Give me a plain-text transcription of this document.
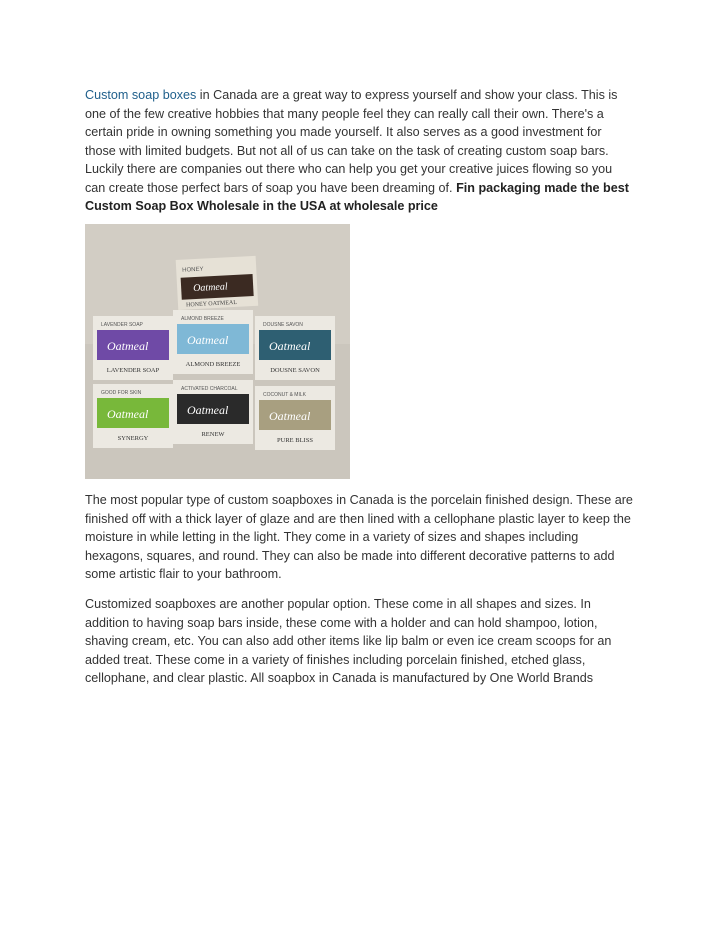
Custom soap boxes in Canada are a great way to express yourself and show your class. This is one of the few creative hobbies that many people feel they can really call their own. There's a certain pride in owning something you made yourself. It also serves as a good investment for those with limited budgets. But not all of us can take on the task of creating custom soap bars. Luckily there are companies out there who can help you get your creative juices flowing so you can create those perfect bars of soap you have been dreaming of. Fin packaging made the best Custom Soap Box Wholesale in the USA at wholesale price

HONEY
Oatmeal
HONEY OATMEAL
LAVENDER SOAP
Oatmeal
LAVENDER SOAP
ALMOND BREEZE
Oatmeal
ALMOND BREEZE
DOUSNE SAVON
Oatmeal
DOUSNE SAVON
GOOD FOR SKIN
Oatmeal
SYNERGY
ACTIVATED CHARCOAL
Oatmeal
RENEW
COCONUT & MILK
Oatmeal
PURE BLISS

The most popular type of custom soapboxes in Canada is the porcelain finished design. These are finished off with a thick layer of glaze and are then lined with a cellophane plastic layer to keep the moisture in while letting in the light. They come in a variety of sizes and shapes including hexagons, squares, and round. They can also be made into different decorative patterns to add some artistic flair to your bathroom.

Customized soapboxes are another popular option. These come in all shapes and sizes. In addition to having soap bars inside, these come with a holder and can hold shampoo, lotion, shaving cream, etc. You can also add other items like lip balm or even ice cream scoops for an added treat. These come in a variety of finishes including porcelain finished, etched glass, cellophane, and clear plastic. All soapbox in Canada is manufactured by One World Brands
